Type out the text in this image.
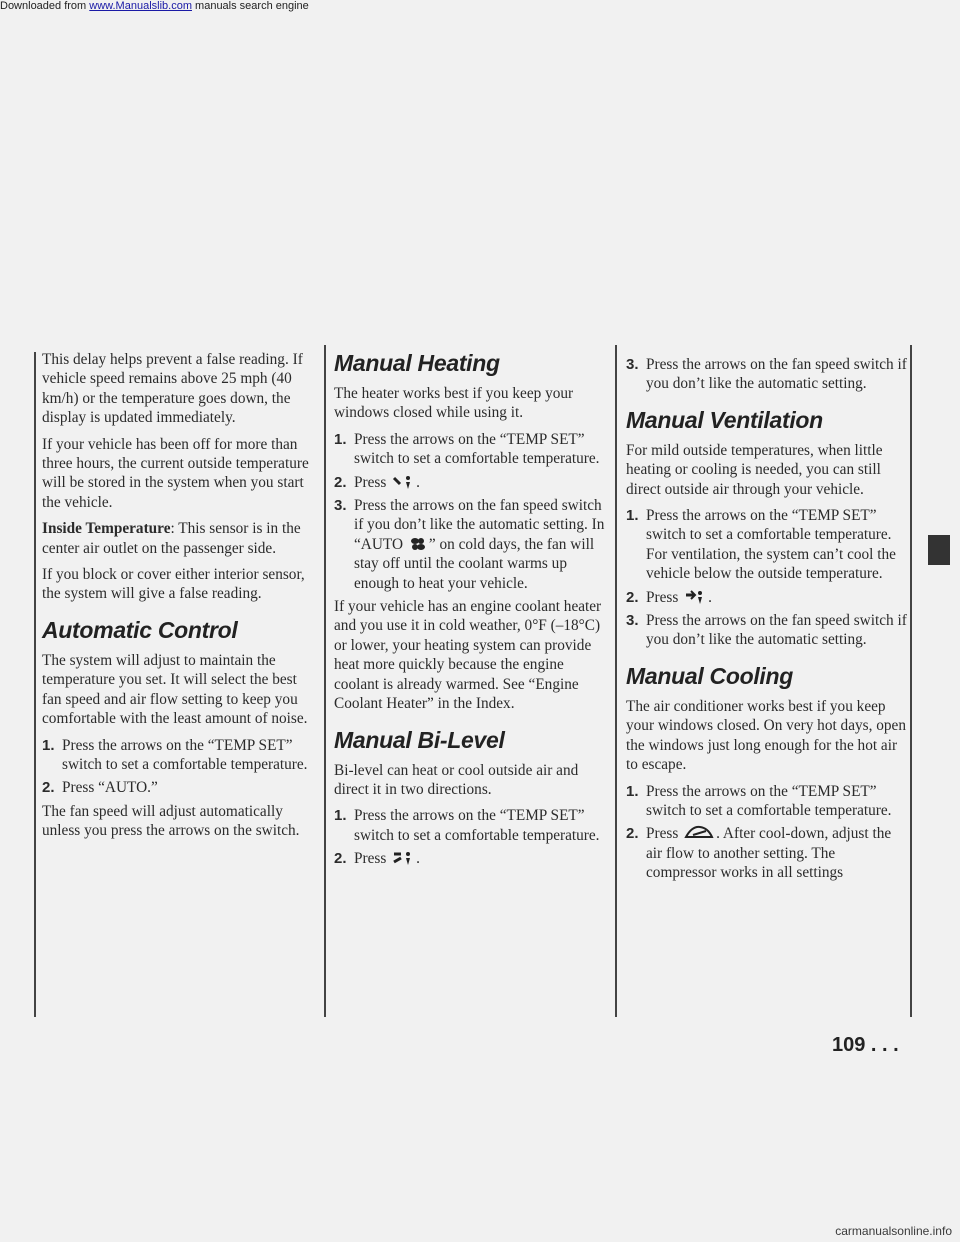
Downloaded from www.Manualslib.com manuals search engine

This delay helps prevent a false reading. If vehicle speed remains above 25 mph (40 km/h) or the temperature goes down, the display is updated immediately.

If your vehicle has been off for more than three hours, the current outside temperature will be stored in the system when you start the vehicle.

Inside Temperature: This sensor is in the center air outlet on the passenger side.

If you block or cover either interior sensor, the system will give a false reading.

Automatic Control

The system will adjust to maintain the temperature you set. It will select the best fan speed and air flow setting to keep you comfortable with the least amount of noise.

1. Press the arrows on the “TEMP SET” switch to set a comfortable temperature.
2. Press “AUTO.”

The fan speed will adjust automatically unless you press the arrows on the switch.

Manual Heating

The heater works best if you keep your windows closed while using it.

1. Press the arrows on the “TEMP SET” switch to set a comfortable temperature.
2. Press .
3. Press the arrows on the fan speed switch if you don’t like the automatic setting. In “AUTO ” on cold days, the fan will stay off until the coolant warms up enough to heat your vehicle.

If your vehicle has an engine coolant heater and you use it in cold weather, 0°F (–18°C) or lower, your heating system can provide heat more quickly because the engine coolant is already warmed. See “Engine Coolant Heater” in the Index.

Manual Bi-Level

Bi-level can heat or cool outside air and direct it in two directions.

1. Press the arrows on the “TEMP SET” switch to set a comfortable temperature.
2. Press .
3. Press the arrows on the fan speed switch if you don’t like the automatic setting.
Manual Ventilation

For mild outside temperatures, when little heating or cooling is needed, you can still direct outside air through your vehicle.

1. Press the arrows on the “TEMP SET” switch to set a comfortable temperature. For ventilation, the system can’t cool the vehicle below the outside temperature.
2. Press .
3. Press the arrows on the fan speed switch if you don’t like the automatic setting.
Manual Cooling

The air conditioner works best if you keep your windows closed. On very hot days, open the windows just long enough for the hot air to escape.

1. Press the arrows on the “TEMP SET” switch to set a comfortable temperature.
2. Press . After cool-down, adjust the air flow to another setting. The compressor works in all settings
109 . . .
carmanualsonline.info
